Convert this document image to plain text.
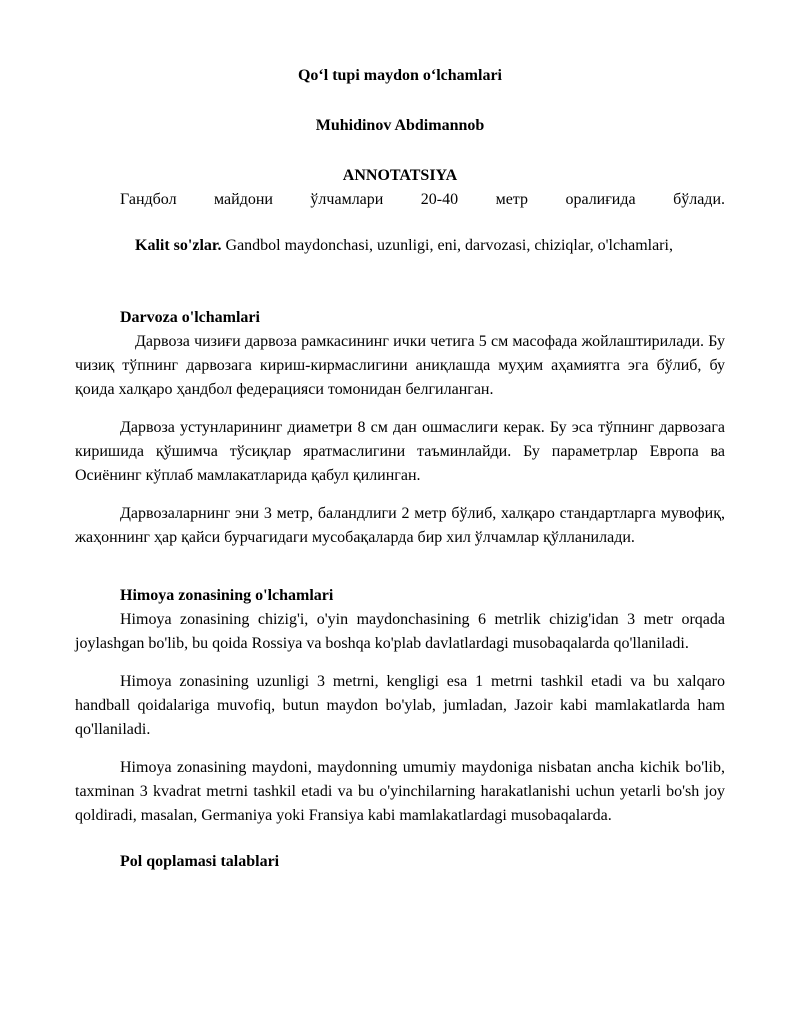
Qo‘l tupi maydon o‘lchamlari

Muhidinov Abdimannob

ANNOTATSIYA

Гандбол майдони ўлчамлари 20-40 метр оралиғида бўлади.

Kalit so'zlar. Gandbol maydonchasi, uzunligi, eni, darvozasi, chiziqlar, o'lchamlari,

Darvoza o'lchamlari

Дарвоза чизиғи дарвоза рамкасининг ички четига 5 см масофада жойлаштирилади. Бу чизиқ тўпнинг дарвозага кириш-кирмаслигини аниқлашда муҳим аҳамиятга эга бўлиб, бу қоида халқаро ҳандбол федерацияси томонидан белгиланган.

Дарвоза устунларининг диаметри 8 см дан ошмаслиги керак. Бу эса тўпнинг дарвозага киришида қўшимча тўсиқлар яратмаслигини таъминлайди. Бу параметрлар Европа ва Осиёнинг кўплаб мамлакатларида қабул қилинган.

Дарвозаларнинг эни 3 метр, баландлиги 2 метр бўлиб, халқаро стандартларга мувофиқ, жаҳоннинг ҳар қайси бурчагидаги мусобақаларда бир хил ўлчамлар қўлланилади.

Himoya zonasining o'lchamlari

Himoya zonasining chizig'i, o'yin maydonchasining 6 metrlik chizig'idan 3 metr orqada joylashgan bo'lib, bu qoida Rossiya va boshqa ko'plab davlatlardagi musobaqalarda qo'llaniladi.

Himoya zonasining uzunligi 3 metrni, kengligi esa 1 metrni tashkil etadi va bu xalqaro handball qoidalariga muvofiq, butun maydon bo'ylab, jumladan, Jazoir kabi mamlakatlarda ham qo'llaniladi.

Himoya zonasining maydoni, maydonning umumiy maydoniga nisbatan ancha kichik bo'lib, taxminan 3 kvadrat metrni tashkil etadi va bu o'yinchilarning harakatlanishi uchun yetarli bo'sh joy qoldiradi, masalan, Germaniya yoki Fransiya kabi mamlakatlardagi musobaqalarda.

Pol qoplamasi talablari
